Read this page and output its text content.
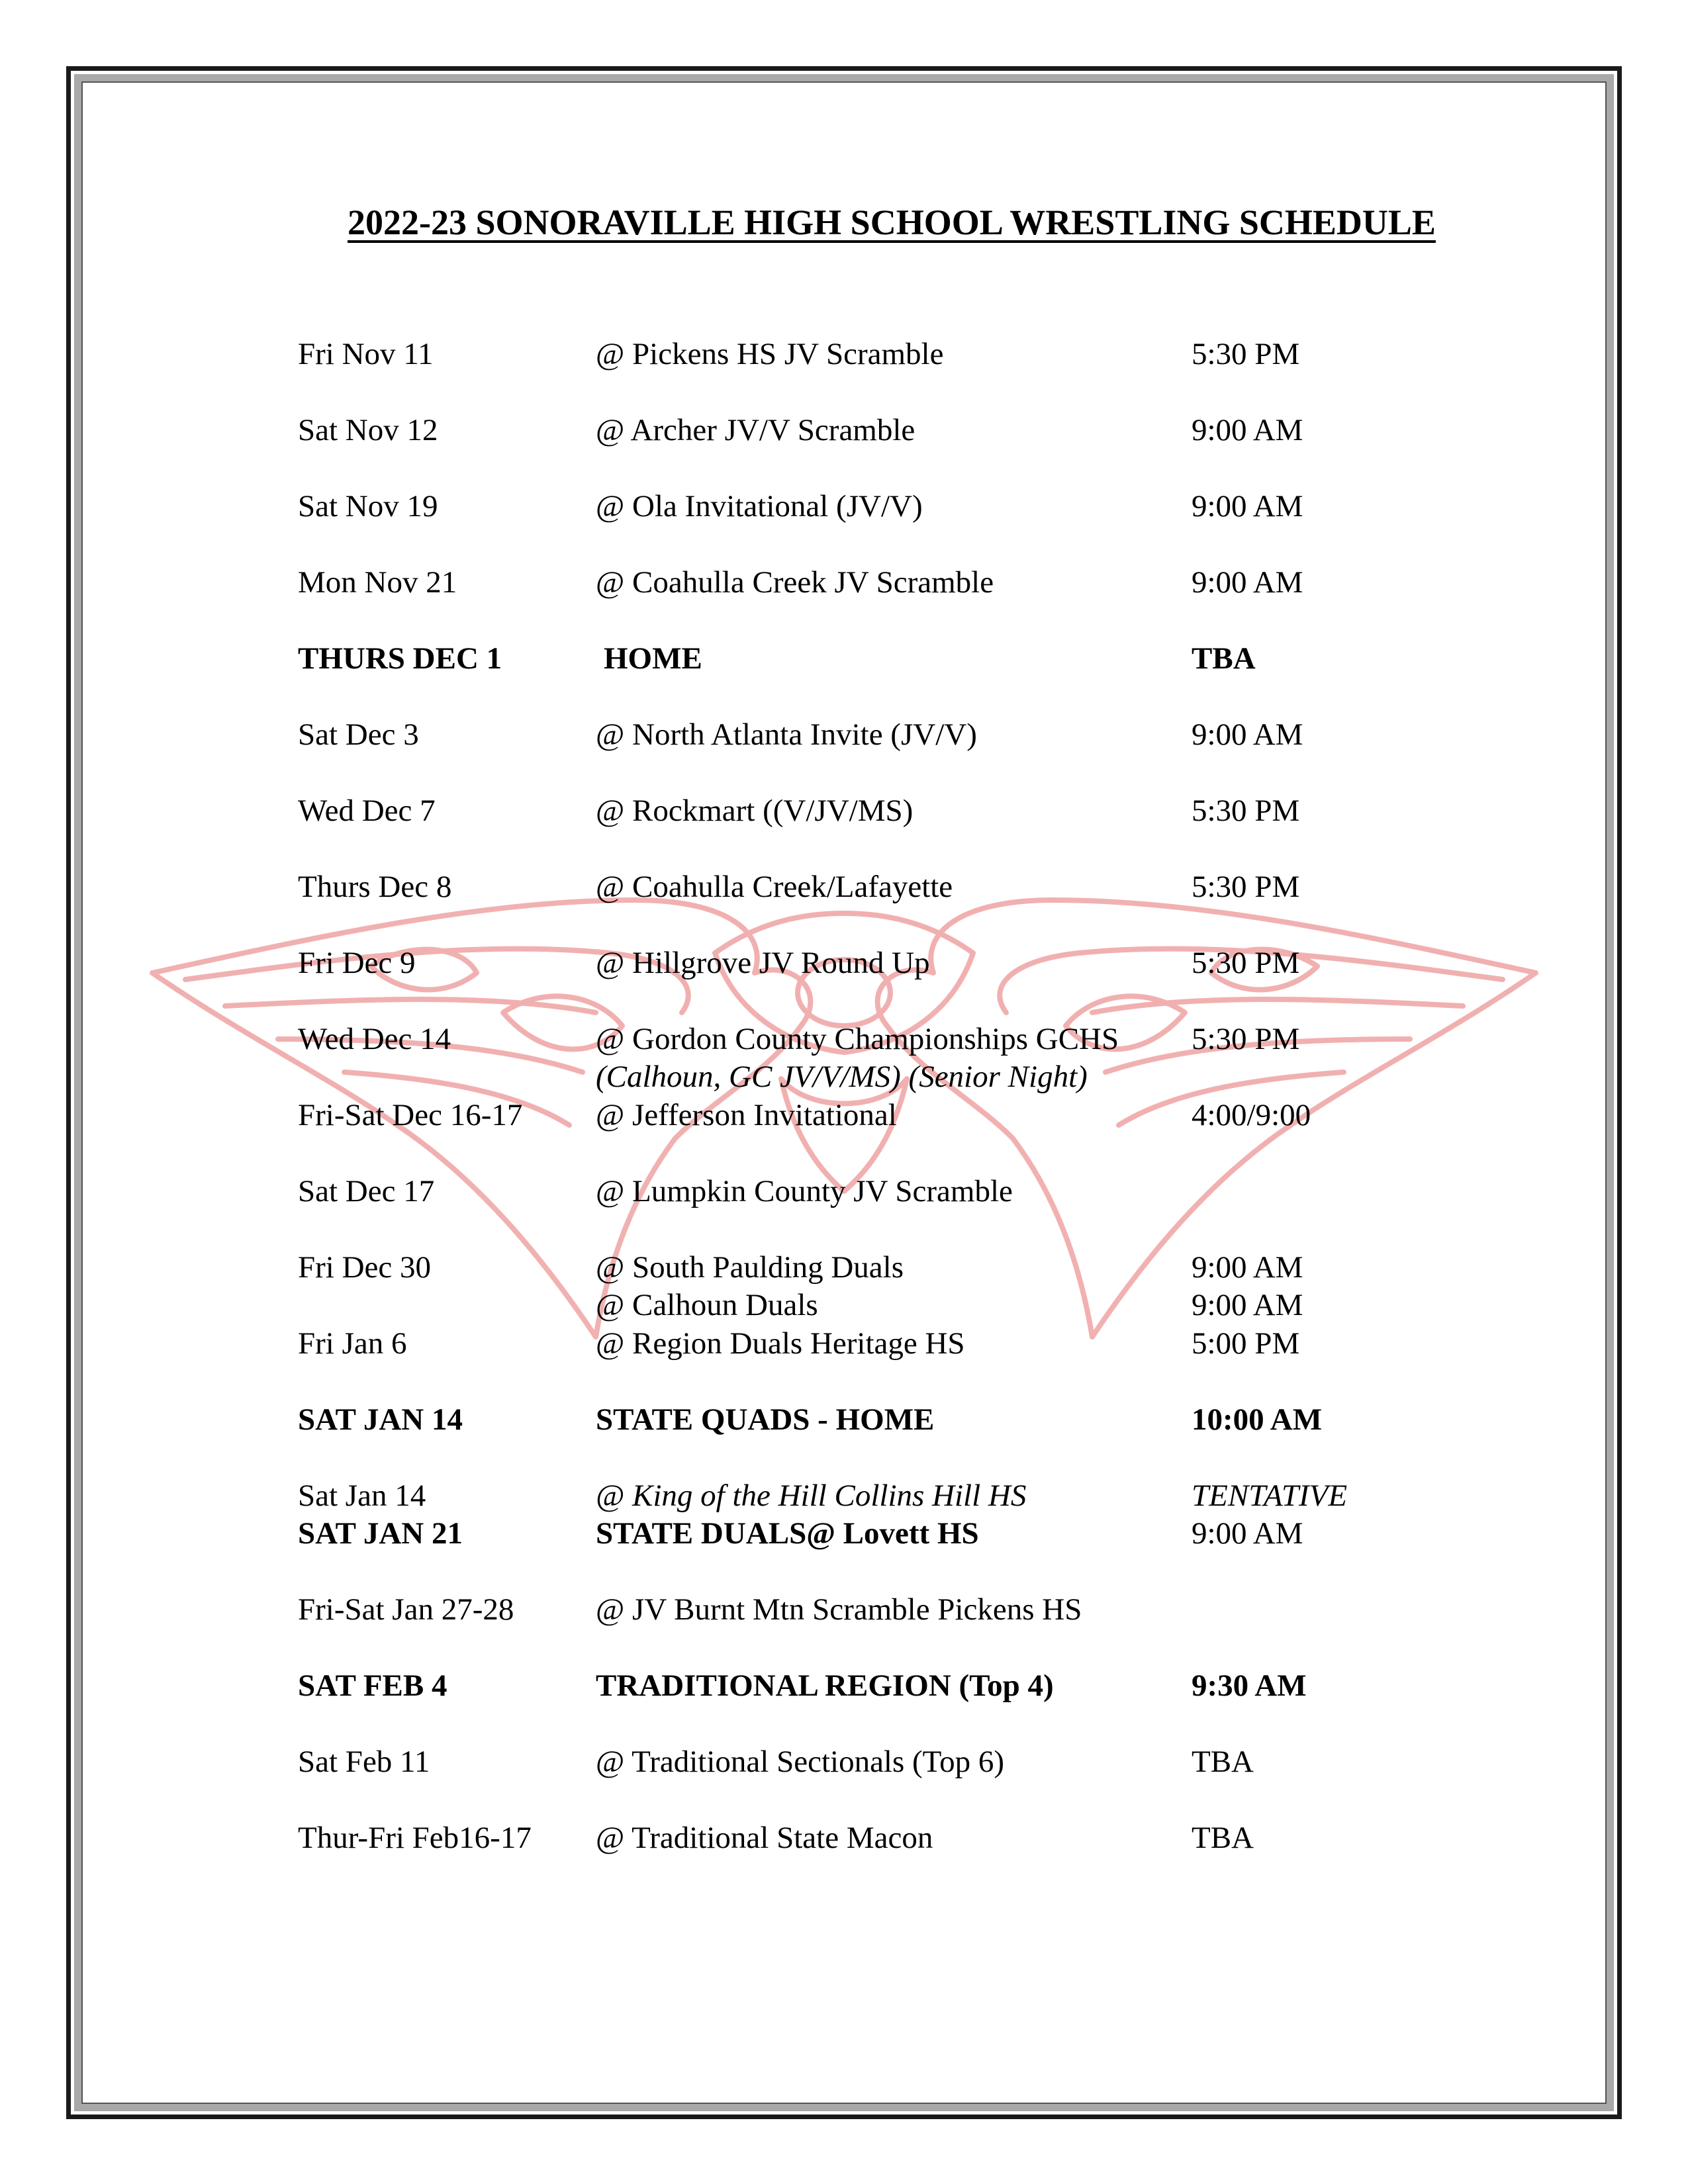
2022-23 SONORAVILLE HIGH SCHOOL WRESTLING SCHEDULE
Fri Nov 11	@ Pickens HS JV Scramble	5:30 PM
Sat Nov 12	@ Archer JV/V Scramble	9:00 AM
Sat Nov 19	@ Ola Invitational (JV/V)	9:00 AM
Mon Nov 21	@ Coahulla Creek JV Scramble	9:00 AM
THURS DEC 1	HOME	TBA
Sat Dec 3	@ North Atlanta Invite (JV/V)	9:00 AM
Wed Dec 7	@ Rockmart ((V/JV/MS)	5:30 PM
Thurs Dec 8	@ Coahulla Creek/Lafayette	5:30 PM
Fri Dec 9	@ Hillgrove JV Round Up	5:30 PM
Wed Dec 14	@ Gordon County Championships GCHS 5:30 PM
(Calhoun, GC JV/V/MS) (Senior Night)
Fri-Sat Dec 16-17 @ Jefferson Invitational	4:00/9:00
Sat Dec 17	@ Lumpkin County JV Scramble
Fri Dec 30	@ South Paulding Duals	9:00 AM
@ Calhoun Duals	9:00 AM
Fri Jan 6	@ Region Duals Heritage HS	5:00 PM
SAT JAN 14	STATE QUADS - HOME	10:00 AM
Sat Jan 14	@ King of the Hill Collins Hill HS	TENTATIVE
SAT JAN 21	STATE DUALS@ Lovett HS	9:00 AM
Fri-Sat Jan 27-28	@ JV Burnt Mtn Scramble Pickens HS
SAT FEB 4	TRADITIONAL REGION (Top 4)	9:30 AM
Sat Feb 11	@ Traditional Sectionals (Top 6)	TBA
Thur-Fri Feb16-17 @ Traditional State Macon	TBA
